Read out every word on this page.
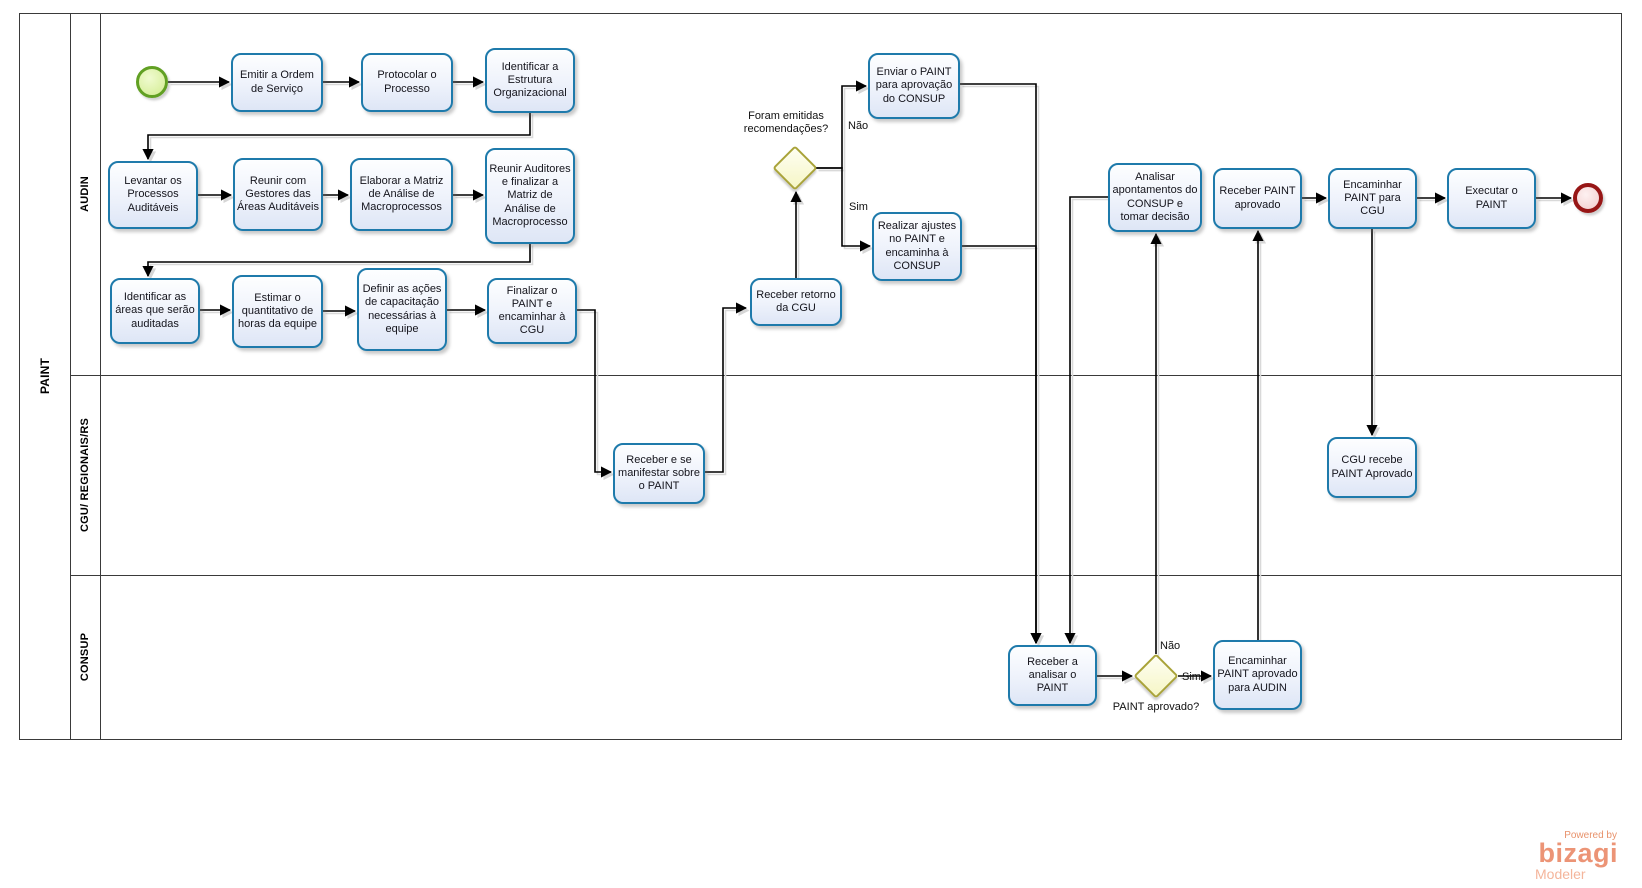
PAINT
AUDIN
CGU/ REGIONAIS/RS
CONSUP
Emitir a Ordem de Serviço
Protocolar o Processo
Identificar a Estrutura Organizacional
Levantar os Processos Auditáveis
Reunir com Gestores das Áreas Auditáveis
Elaborar a Matriz de Análise de Macroprocessos
Reunir Auditores e finalizar a Matriz de Análise de Macroprocesso
Identificar as áreas que serão auditadas
Estimar o quantitativo de horas da equipe
Definir as ações de capacitação necessárias à equipe
Finalizar o PAINT e encaminhar à CGU
Receber retorno da CGU
Enviar o PAINT para aprovação do CONSUP
Realizar ajustes no PAINT e encaminha à CONSUP
Analisar apontamentos do CONSUP e tomar decisão
Receber PAINT aprovado
Encaminhar PAINT para CGU
Executar o PAINT
Receber e se manifestar sobre o PAINT
CGU recebe PAINT Aprovado
Receber a analisar o PAINT
Encaminhar PAINT aprovado para AUDIN
Foram emitidas recomendações?
PAINT aprovado?
Não
Sim
Não
Sim
Powered by
bizagi
Modeler
